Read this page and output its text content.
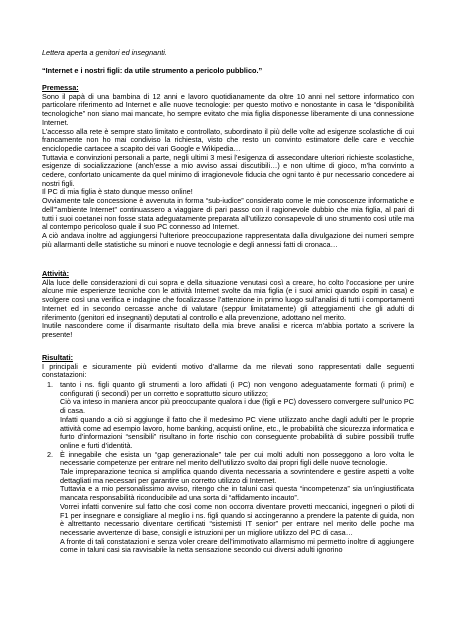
Lettera aperta a genitori ed insegnanti.
“Internet e i nostri figli: da utile strumento a pericolo pubblico.”
Premessa:
Sono il papà di una bambina di 12 anni e lavoro quotidianamente da oltre 10 anni nel settore informatico con particolare riferimento ad Internet e alle nuove tecnologie: per questo motivo e nonostante in casa le “disponibilità tecnologiche” non siano mai mancate, ho sempre evitato che mia figlia disponesse liberamente di una connessione Internet.
L’accesso alla rete è sempre stato limitato e controllato, subordinato il più delle volte ad esigenze scolastiche di cui francamente non ho mai condiviso la richiesta, visto che resto un convinto estimatore delle care e vecchie enciclopedie cartacee a scapito dei vari Google e Wikipedia…
Tuttavia e convinzioni personali a parte, negli ultimi 3 mesi l’esigenza di assecondare ulteriori richieste scolastiche, esigenze di socializzazione (anch’esse a mio avviso assai discutibili…) e non ultime di gioco, m’ha convinto a cedere, confortato unicamente da quel minimo di irragionevole fiducia che ogni tanto è pur necessario concedere ai nostri figli.
Il PC di mia figlia è stato dunque messo online!
Ovviamente tale concessione è avvenuta in forma “sub-iudice” considerato come le mie conoscenze informatiche e dell’”ambiente Internet” continuassero a viaggiare di pari passo con il ragionevole dubbio che mia figlia, al pari di tutti i suoi coetanei non fosse stata adeguatamente preparata all’utilizzo consapevole di uno strumento così utile ma al contempo pericoloso quale il suo PC connesso ad Internet.
A ciò andava inoltre ad aggiungersi l’ulteriore preoccupazione rappresentata dalla divulgazione dei numeri sempre più allarmanti delle statistiche su minori e nuove tecnologie e degli annessi fatti di cronaca…
Attività:
Alla luce delle considerazioni di cui sopra e della situazione venutasi così a creare, ho colto l’occasione per unire alcune mie esperienze tecniche con le attività Internet svolte da mia figlia (e i suoi amici quando ospiti in casa) e svolgere così una verifica e indagine che focalizzasse l’attenzione in primo luogo sull’analisi di tutti i comportamenti Internet ed in secondo cercasse anche di valutare (seppur limitatamente) gli atteggiamenti che gli adulti di riferimento (genitori ed insegnanti) deputati al controllo e alla prevenzione, adottano nel merito.
Inutile nascondere come il disarmante risultato della mia breve analisi e ricerca m’abbia portato a scrivere la presente!
Risultati:
I principali e sicuramente più evidenti motivo d’allarme da me rilevati sono rappresentati dalle seguenti constatazioni:
1. tanto i ns. figli quanto gli strumenti a loro affidati (i PC) non vengono adeguatamente formati (i primi) e configurati (i secondi) per un corretto e soprattutto sicuro utilizzo;
Ciò va inteso in maniera ancor più preoccupante qualora i due (figli e PC) dovessero convergere sull’unico PC di casa.
Infatti quando a ciò si aggiunge il fatto che il medesimo PC viene utilizzato anche dagli adulti per le proprie attività come ad esempio lavoro, home banking, acquisti online, etc., le probabilità che sicurezza informatica e furto d’informazioni “sensibili” risultano in forte rischio con conseguente probabilità di subire possibili truffe online e furti d’identità.
2. È innegabile che esista un “gap generazionale” tale per cui molti adulti non posseggono a loro volta le necessarie competenze per entrare nel merito dell’utilizzo svolto dai propri figli delle nuove tecnologie.
Tale impreparazione tecnica si amplifica quando diventa necessaria a sovrintendere e gestire aspetti a volte dettagliati ma necessari per garantire un corretto utilizzo di Internet.
Tuttavia e a mio personalissimo avviso, ritengo che in taluni casi questa “incompetenza” sia un’ingiustificata mancata responsabilità riconducibile ad una sorta di “affidamento incauto”.
Vorrei infatti convenire sul fatto che così come non occorra diventare provetti meccanici, ingegneri o piloti di F1 per insegnare e consigliare al meglio i ns. figli quando si accingeranno a prendere la patente di guida, non è altrettanto necessario diventare certificati “sistemisti IT senior” per entrare nel merito delle poche ma necessarie avvertenze di base, consigli e istruzioni per un migliore utilizzo del PC di casa…
A fronte di tali constatazioni e senza voler creare dell’immotivato allarmismo mi permetto inoltre di aggiungere come in taluni casi sia ravvisabile la netta sensazione secondo cui diversi adulti ignorino
